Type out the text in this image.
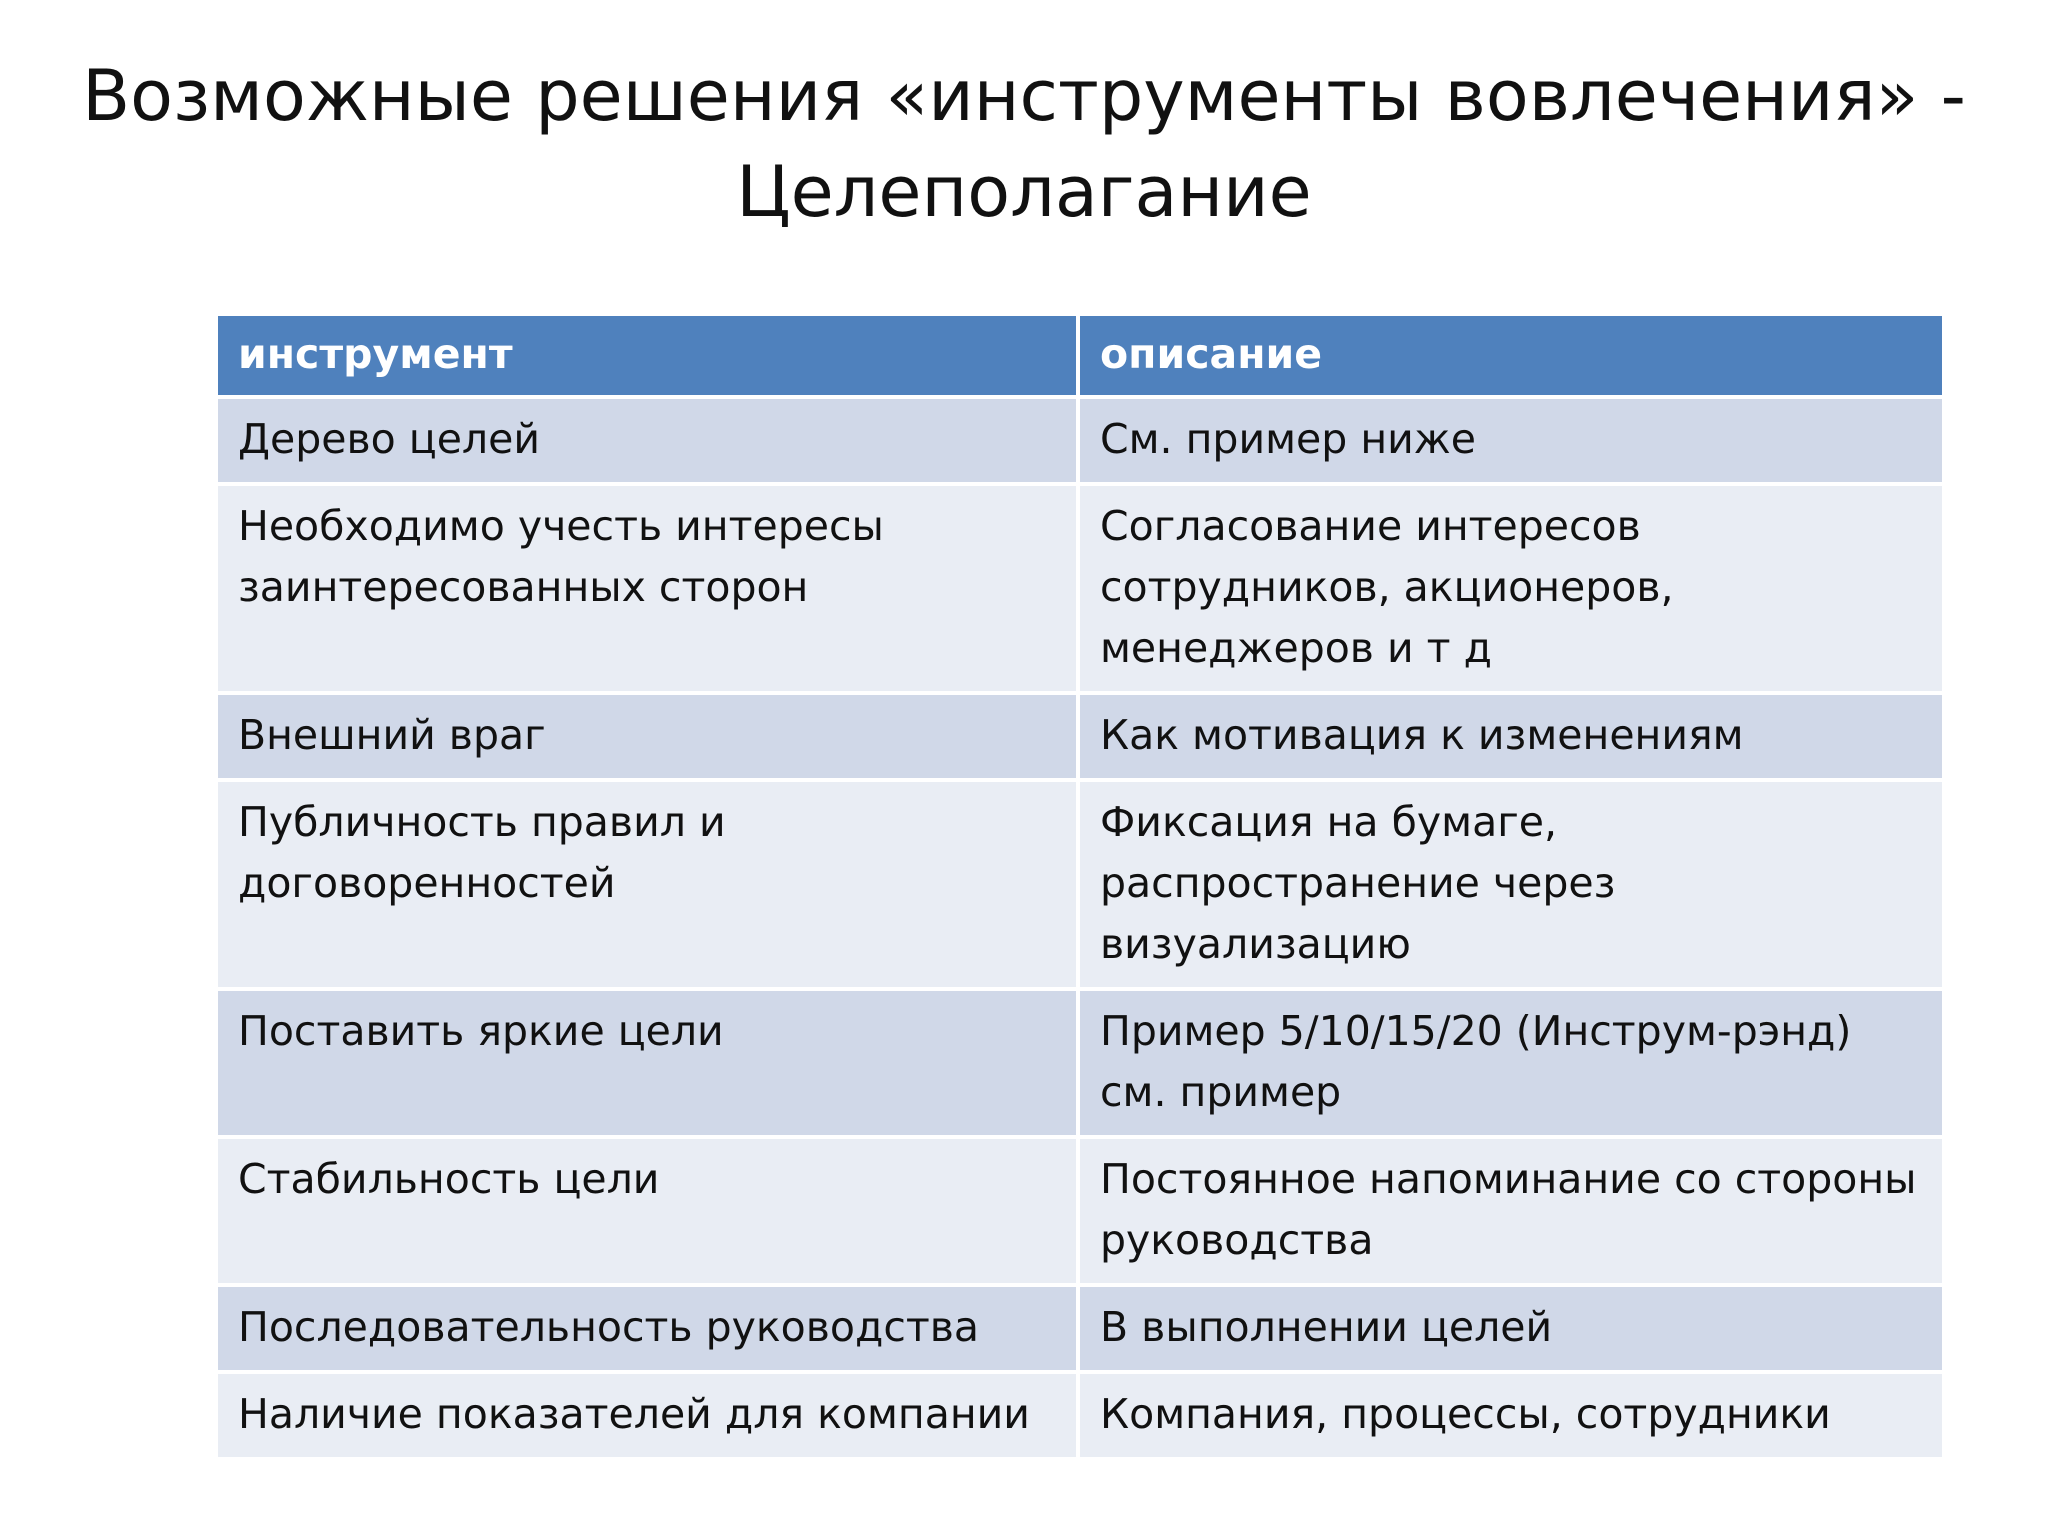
Возможные решения «инструменты вовлечения» -
Целеполагание
инструмент	описание
Дерево целей	См. пример ниже
Необходимо учесть интересы заинтересованных сторон	Согласование интересов сотрудников, акционеров, менеджеров и т д
Внешний враг	Как мотивация к изменениям
Публичность правил и договоренностей	Фиксация на бумаге, распространение через визуализацию
Поставить яркие цели	Пример 5/10/15/20 (Инструм-рэнд) см. пример
Стабильность цели	Постоянное напоминание со стороны руководства
Последовательность руководства	В выполнении целей
Наличие показателей для компании	Компания, процессы, сотрудники
